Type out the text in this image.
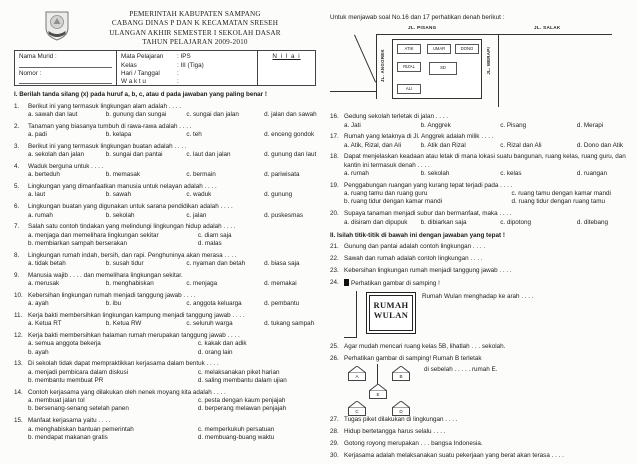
PEMERINTAH KABUPATEN SAMPANG
CABANG DINAS P DAN K KECAMATAN SRESEH
ULANGAN AKHIR SEMESTER I SEKOLAH DASAR
TAHUN PELAJARAN 2009-2010
Nama Murid :
Nomor :
Mata Pelajaran	: IPS
Kelas	: III (Tiga)
Hari / Tanggal	:
W a k t u	:
N i l a i
I. Berilah tanda silang (x) pada huruf a, b, c, atau d pada jawaban yang paling benar !
1.	Berikut ini yang termasuk lingkungan alam adalah . . . .
a. sawah dan laut	b. gunung dan sungai	c. sungai dan jalan	d. jalan dan sawah
2.	Tanaman yang biasanya tumbuh di rawa-rawa adalah . . . .
a. padi	b. kelapa	c. teh	d. enceng gondok
3.	Berikut ini yang termasuk lingkungan buatan adalah . . . .
a. sekolah dan jalan	b. sungai dan pantai	c. laut dan jalan	d. gunung dan laut
4.	Waduk berguna untuk . . . .
a. berteduh	b. memasak	c. bermain	d. pariwisata
5.	Lingkungan yang dimanfaatkan manusia untuk nelayan adalah . . . .
a. laut	b. sawah	c. waduk	d. gunung
6.	Lingkungan buatan yang digunakan untuk sarana pendidikan adalah . . . .
a. rumah	b. sekolah	c. jalan	d. puskesmas
7.	Salah satu contoh tindakan yang melindungi lingkungan hidup adalah . . . .
a. menjaga dan memelihara lingkungan sekitar	c. diam saja
b. membiarkan sampah berserakan	d. malas
8.	Lingkungan rumah indah, bersih, dan rapi. Penghuninya akan merasa . . . .
a. tidak betah	b. susah tidur	c. nyaman dan betah	d. biasa saja
9.	Manusia wajib . . . . dan memelihara lingkungan sekitar.
a. merusak	b. menghabiskan	c. menjaga	d. memakai
10. Kebersihan lingkungan rumah menjadi tanggung jawab . . . .
a. ayah	b. ibu	c. anggota keluarga	d. pembantu
11. Kerja bakti membersihkan lingkungan kampung menjadi tanggung jawab . . . .
a. Ketua RT	b. Ketua RW	c. seluruh warga	d. tukang sampah
12. Kerja bakti membersihkan halaman rumah merupakan tanggung jawab . . . .
a. semua anggota bekerja	c. kakak dan adik
b. ayah	d. orang lain
13. Di sekolah tidak dapat mempraktikkan kerjasama dalam bentuk . . . .
a. menjadi pembicara dalam diskusi	c. melaksanakan piket harian
b. membantu membuat PR	d. saling membantu dalam ujian
14. Contoh kerjasama yang dilakukan oleh nenek moyang kita adalah . . . .
a. membuat jalan tol	c. pesta dengan kaum penjajah
b. bersenang-senang setelah panen	d. berperang melawan penjajah
15. Manfaat kerjasama yaitu . . . .
a. menghabiskan bantuan pemerintah	c. memperkukuh persatuan
b. mendapat makanan gratis	d. membuang-buang waktu
Untuk menjawab soal No.16 dan 17 perhatikan denah berikut :
JL. PISANG	JL. SALAK
JL. ANGGREK	JL. MERAPI
ATIK	UMAR	DONO
RIZAL	SD
ALI
16. Gedung sekolah terletak di jalan . . . .
a. Jati	b. Anggrek	c. Pisang	d. Merapi
17. Rumah yang letaknya di Jl. Anggrek adalah milik . . . .
a. Atik, Rizal, dan Ali	b. Atik dan Rizal	c. Rizal dan Ali	d. Dono dan Atik
18. Dapat menjelaskan keadaan atau letak di mana lokasi suatu bangunan, ruang kelas, ruang guru, dan kantin ini termasuk denah . . . .
a. rumah	b. sekolah	c. kelas	d. ruangan
19. Penggabungan ruangan yang kurang tepat terjadi pada . . . .
a. ruang tamu dan ruang guru	c. ruang tamu dengan kamar mandi
b. ruang tidur dengan kamar mandi	d. ruang tidur dengan ruang tamu
20. Supaya tanaman menjadi subur dan bermanfaat, maka . . . .
a. disiram dan dipupuk	b. dibiarkan saja	c. dipotong	d. ditebang
II. Isilah titik-titik di bawah ini dengan jawaban yang tepat !
21. Gunung dan pantai adalah contoh lingkungan . . . .
22. Sawah dan rumah adalah contoh lingkungan . . . .
23. Kebersihan lingkungan rumah menjadi tanggung jawab . . . .
24.	Perhatikan gambar di samping !
RUMAH
WULAN
Rumah Wulan menghadap ke arah . . . .
25. Agar mudah mencari ruang kelas 5B, lihatlah . . . sekolah.
26. Perhatikan gambar di samping! Rumah B terletak
A	B
E
C	D
di sebelah . . . . . rumah E.
27. Tugas piket dilakukan di lingkungan . . . .
28. Hidup bertetangga harus selalu . . . .
29. Gotong royong merupakan . . . bangsa Indonesia.
30. Kerjasama adalah melaksanakan suatu pekerjaan yang berat akan terasa . . . .
